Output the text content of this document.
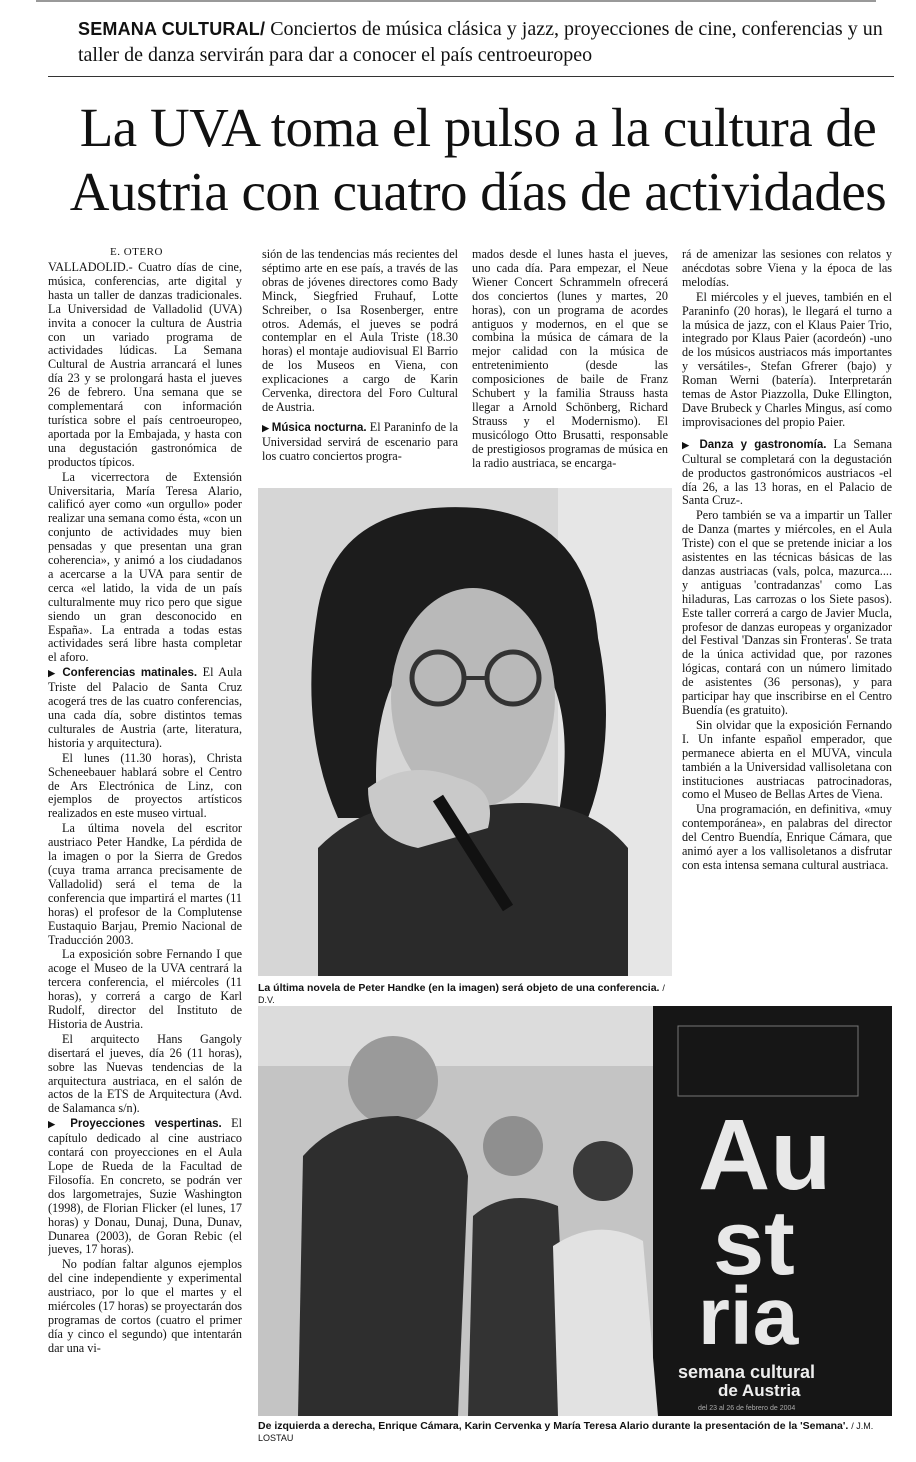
SEMANA CULTURAL/ Conciertos de música clásica y jazz, proyecciones de cine, conferencias y un taller de danza servirán para dar a conocer el país centroeuropeo
La UVA toma el pulso a la cultura de Austria con cuatro días de actividades
E. OTERO

VALLADOLID.- Cuatro días de cine, música, conferencias, arte digital y hasta un taller de danzas tradicionales. La Universidad de Valladolid (UVA) invita a conocer la cultura de Austria con un variado programa de actividades lúdicas. La Semana Cultural de Austria arrancará el lunes día 23 y se prolongará hasta el jueves 26 de febrero. Una semana que se complementará con información turística sobre el país centroeuropeo, aportada por la Embajada, y hasta con una degustación gastronómica de productos típicos.

La vicerrectora de Extensión Universitaria, María Teresa Alario, calificó ayer como «un orgullo» poder realizar una semana como ésta, «con un conjunto de actividades muy bien pensadas y que presentan una gran coherencia», y animó a los ciudadanos a acercarse a la UVA para sentir de cerca «el latido, la vida de un país culturalmente muy rico pero que sigue siendo un gran desconocido en España». La entrada a todas estas actividades será libre hasta completar el aforo.

▶ Conferencias matinales. El Aula Triste del Palacio de Santa Cruz acogerá tres de las cuatro conferencias, una cada día, sobre distintos temas culturales de Austria (arte, literatura, historia y arquitectura).

El lunes (11.30 horas), Christa Scheneebauer hablará sobre el Centro de Ars Electrónica de Linz, con ejemplos de proyectos artísticos realizados en este museo virtual.

La última novela del escritor austriaco Peter Handke, La pérdida de la imagen o por la Sierra de Gredos (cuya trama arranca precisamente de Valladolid) será el tema de la conferencia que impartirá el martes (11 horas) el profesor de la Complutense Eustaquio Barjau, Premio Nacional de Traducción 2003.

La exposición sobre Fernando I que acoge el Museo de la UVA centrará la tercera conferencia, el miércoles (11 horas), y correrá a cargo de Karl Rudolf, director del Instituto de Historia de Austria.

El arquitecto Hans Gangoly disertará el jueves, día 26 (11 horas), sobre las Nuevas tendencias de la arquitectura austriaca, en el salón de actos de la ETS de Arquitectura (Avd. de Salamanca s/n).

▶ Proyecciones vespertinas. El capítulo dedicado al cine austriaco contará con proyecciones en el Aula Lope de Rueda de la Facultad de Filosofía. En concreto, se podrán ver dos largometrajes, Suzie Washington (1998), de Florian Flicker (el lunes, 17 horas) y Donau, Dunaj, Duna, Dunav, Dunarea (2003), de Goran Rebic (el jueves, 17 horas).

No podían faltar algunos ejemplos del cine independiente y experimental austriaco, por lo que el martes y el miércoles (17 horas) se proyectarán dos programas de cortos (cuatro el primer día y cinco el segundo) que intentarán dar una vi-

sión de las tendencias más recientes del séptimo arte en ese país, a través de las obras de jóvenes directores como Bady Minck, Siegfried Fruhauf, Lotte Schreiber, o Isa Rosenberger, entre otros. Además, el jueves se podrá contemplar en el Aula Triste (18.30 horas) el montaje audiovisual El Barrio de los Museos en Viena, con explicaciones a cargo de Karin Cervenka, directora del Foro Cultural de Austria.

▶ Música nocturna. El Paraninfo de la Universidad servirá de escenario para los cuatro conciertos progra-

mados desde el lunes hasta el jueves, uno cada día. Para empezar, el Neue Wiener Concert Schrammeln ofrecerá dos conciertos (lunes y martes, 20 horas), con un programa de acordes antiguos y modernos, en el que se combina la música de cámara de la mejor calidad con la música de entretenimiento (desde las composiciones de baile de Franz Schubert y la familia Strauss hasta llegar a Arnold Schönberg, Richard Strauss y el Modernismo). El musicólogo Otto Brusatti, responsable de prestigiosos programas de música en la radio austriaca, se encarga-

rá de amenizar las sesiones con relatos y anécdotas sobre Viena y la época de las melodías.

El miércoles y el jueves, también en el Paraninfo (20 horas), le llegará el turno a la música de jazz, con el Klaus Paier Trio, integrado por Klaus Paier (acordeón) -uno de los músicos austriacos más importantes y versátiles-, Stefan Gfrerer (bajo) y Roman Werni (batería). Interpretarán temas de Astor Piazzolla, Duke Ellington, Dave Brubeck y Charles Mingus, así como improvisaciones del propio Paier.

▶ Danza y gastronomía. La Semana Cultural se completará con la degustación de productos gastronómicos austriacos -el día 26, a las 13 horas, en el Palacio de Santa Cruz-.

Pero también se va a impartir un Taller de Danza (martes y miércoles, en el Aula Triste) con el que se pretende iniciar a los asistentes en las técnicas básicas de las danzas austriacas (vals, polca, mazurca.... y antiguas 'contradanzas' como Las hiladuras, Las carrozas o los Siete pasos). Este taller correrá a cargo de Javier Mucla, profesor de danzas europeas y organizador del Festival 'Danzas sin Fronteras'. Se trata de la única actividad que, por razones lógicas, contará con un número limitado de asistentes (36 personas), y para participar hay que inscribirse en el Centro Buendía (es gratuito).

Sin olvidar que la exposición Fernando I. Un infante español emperador, que permanece abierta en el MUVA, vincula también a la Universidad vallisoletana con instituciones austriacas patrocinadoras, como el Museo de Bellas Artes de Viena.

Una programación, en definitiva, «muy contemporánea», en palabras del director del Centro Buendía, Enrique Cámara, que animó ayer a los vallisoletanos a disfrutar con esta intensa semana cultural austriaca.

La última novela de Peter Handke (en la imagen) será objeto de una conferencia. / D.V.
Au
st
ria
semana cultural
de Austria
del 23 al 26 de febrero de 2004
De izquierda a derecha, Enrique Cámara, Karin Cervenka y María Teresa Alario durante la presentación de la 'Semana'. / J.M. LOSTAU
